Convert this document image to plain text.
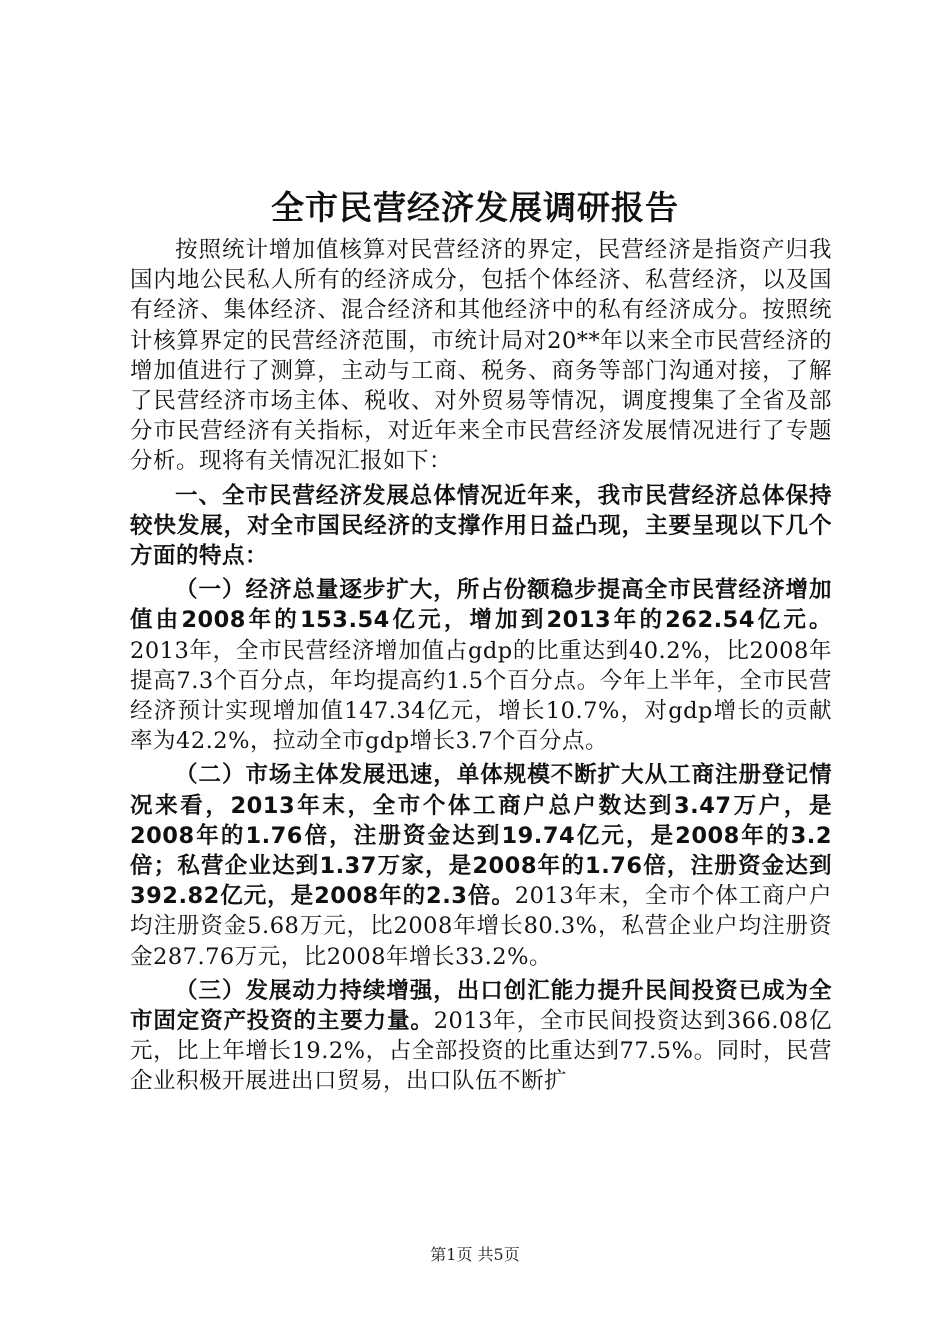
全市民营经济发展调研报告

按照统计增加值核算对民营经济的界定，民营经济是指资产归我国内地公民私人所有的经济成分，包括个体经济、私营经济，以及国有经济、集体经济、混合经济和其他经济中的私有经济成分。按照统计核算界定的民营经济范围，市统计局对20**年以来全市民营经济的增加值进行了测算，主动与工商、税务、商务等部门沟通对接，了解了民营经济市场主体、税收、对外贸易等情况，调度搜集了全省及部分市民营经济有关指标，对近年来全市民营经济发展情况进行了专题分析。现将有关情况汇报如下：

一、全市民营经济发展总体情况近年来，我市民营经济总体保持较快发展，对全市国民经济的支撑作用日益凸现，主要呈现以下几个方面的特点：

（一）经济总量逐步扩大，所占份额稳步提高全市民营经济增加值由2008年的153.54亿元，增加到2013年的262.54亿元。2013年，全市民营经济增加值占gdp的比重达到40.2%，比2008年提高7.3个百分点，年均提高约1.5个百分点。今年上半年，全市民营经济预计实现增加值147.34亿元，增长10.7%，对gdp增长的贡献率为42.2%，拉动全市gdp增长3.7个百分点。

（二）市场主体发展迅速，单体规模不断扩大从工商注册登记情况来看，2013年末，全市个体工商户总户数达到3.47万户，是2008年的1.76倍，注册资金达到19.74亿元，是2008年的3.2倍；私营企业达到1.37万家，是2008年的1.76倍，注册资金达到392.82亿元，是2008年的2.3倍。2013年末，全市个体工商户户均注册资金5.68万元，比2008年增长80.3%，私营企业户均注册资金287.76万元，比2008年增长33.2%。

（三）发展动力持续增强，出口创汇能力提升民间投资已成为全市固定资产投资的主要力量。2013年，全市民间投资达到366.08亿元，比上年增长19.2%，占全部投资的比重达到77.5%。同时，民营企业积极开展进出口贸易，出口队伍不断扩

第1页 共5页
